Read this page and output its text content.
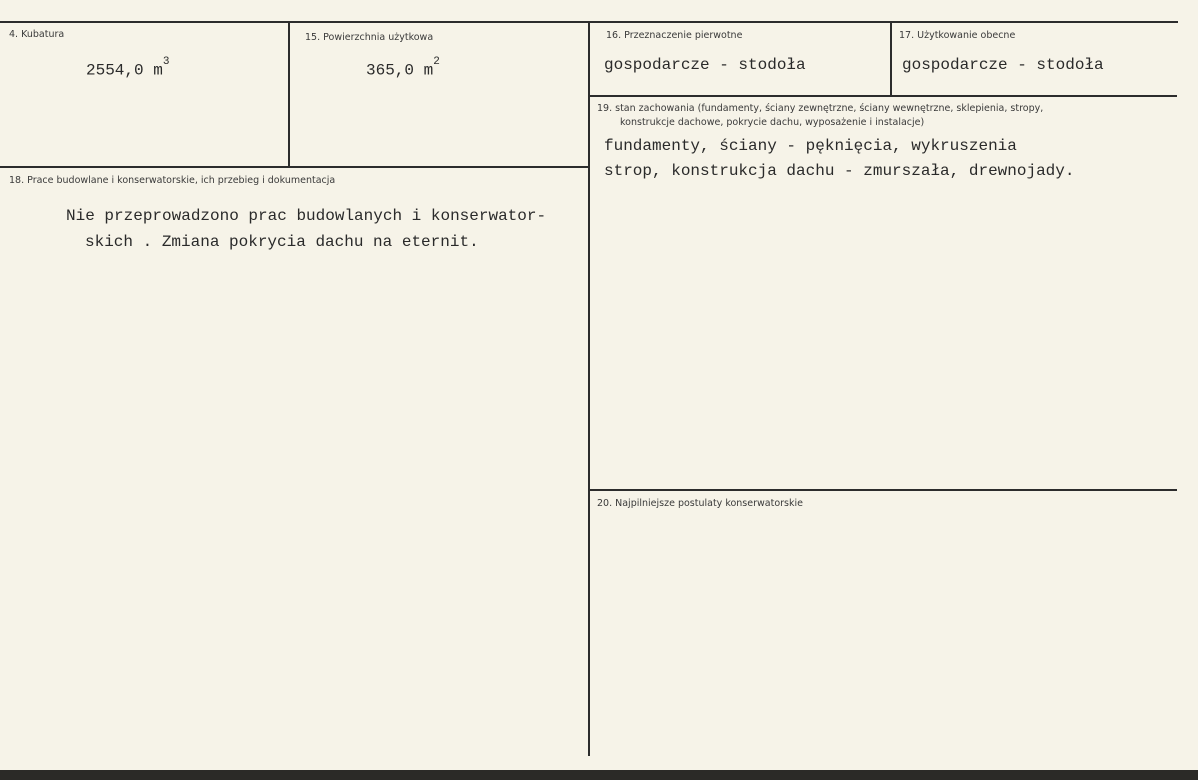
4. Kubatura
2554,0 $m^3$
15. Powierzchnia użytkowa
365,0 $m^2$
16. Przeznaczenie pierwotne
gospodarcze - stodoła
17. Użytkowanie obecne
gospodarcze - stodoła
18. Prace budowlane i konserwatorskie, ich przebieg i dokumentacja
Nie przeprowadzono prac budowlanych i konserwator-
skich . Zmiana pokrycia dachu na eternit.
19. stan zachowania (fundamenty, ściany zewnętrzne, ściany wewnętrzne, sklepienia, stropy,
konstrukcje dachowe, pokrycie dachu, wyposażenie i instalacje)
fundamenty, ściany - pęknięcia, wykruszenia
strop, konstrukcja dachu - zmurszała, drewnojady.
20. Najpilniejsze postulaty konserwatorskie
